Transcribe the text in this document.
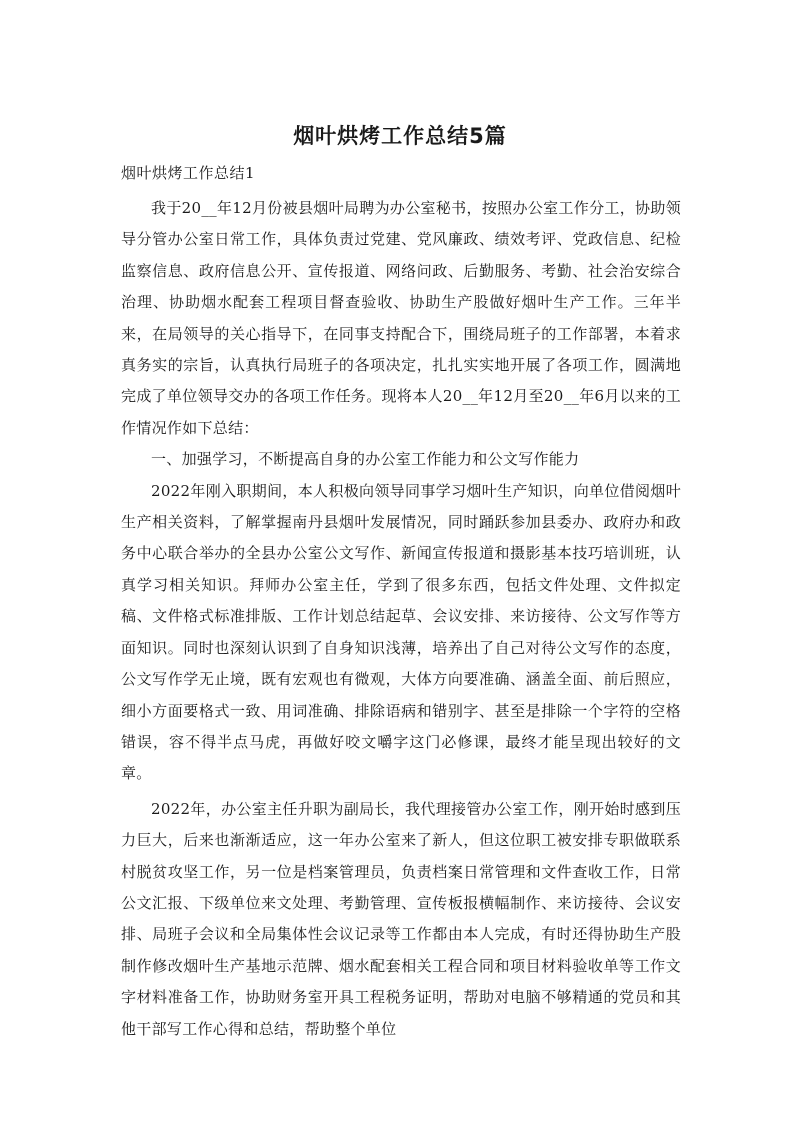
烟叶烘烤工作总结5篇

烟叶烘烤工作总结1

我于20__年12月份被县烟叶局聘为办公室秘书，按照办公室工作分工，协助领导分管办公室日常工作，具体负责过党建、党风廉政、绩效考评、党政信息、纪检监察信息、政府信息公开、宣传报道、网络问政、后勤服务、考勤、社会治安综合治理、协助烟水配套工程项目督查验收、协助生产股做好烟叶生产工作。三年半来，在局领导的关心指导下，在同事支持配合下，围绕局班子的工作部署，本着求真务实的宗旨，认真执行局班子的各项决定，扎扎实实地开展了各项工作，圆满地完成了单位领导交办的各项工作任务。现将本人20__年12月至20__年6月以来的工作情况作如下总结：

一、加强学习，不断提高自身的办公室工作能力和公文写作能力

2022年刚入职期间，本人积极向领导同事学习烟叶生产知识，向单位借阅烟叶生产相关资料，了解掌握南丹县烟叶发展情况，同时踊跃参加县委办、政府办和政务中心联合举办的全县办公室公文写作、新闻宣传报道和摄影基本技巧培训班，认真学习相关知识。拜师办公室主任，学到了很多东西，包括文件处理、文件拟定稿、文件格式标准排版、工作计划总结起草、会议安排、来访接待、公文写作等方面知识。同时也深刻认识到了自身知识浅薄，培养出了自己对待公文写作的态度，公文写作学无止境，既有宏观也有微观，大体方向要准确、涵盖全面、前后照应，细小方面要格式一致、用词准确、排除语病和错别字、甚至是排除一个字符的空格错误，容不得半点马虎，再做好咬文嚼字这门必修课，最终才能呈现出较好的文章。

2022年，办公室主任升职为副局长，我代理接管办公室工作，刚开始时感到压力巨大，后来也渐渐适应，这一年办公室来了新人，但这位职工被安排专职做联系村脱贫攻坚工作，另一位是档案管理员，负责档案日常管理和文件查收工作，日常公文汇报、下级单位来文处理、考勤管理、宣传板报横幅制作、来访接待、会议安排、局班子会议和全局集体性会议记录等工作都由本人完成，有时还得协助生产股制作修改烟叶生产基地示范牌、烟水配套相关工程合同和项目材料验收单等工作文字材料准备工作，协助财务室开具工程税务证明，帮助对电脑不够精通的党员和其他干部写工作心得和总结，帮助整个单位
